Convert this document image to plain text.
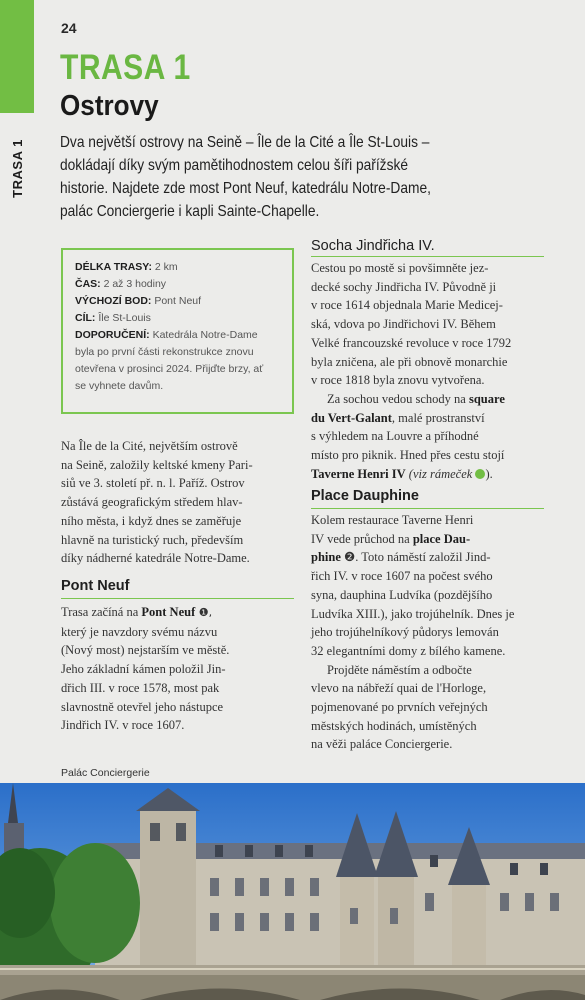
TRASA 1
24
TRASA 1
Ostrovy
Dva největší ostrovy na Seině – Île de la Cité a Île St-Louis – dokládají díky svým pamětihodnostem celou šíři pařížské historie. Najdete zde most Pont Neuf, katedrálu Notre-Dame, palác Conciergerie i kapli Sainte-Chapelle.
DÉLKA TRASY: 2 km
ČAS: 2 až 3 hodiny
VÝCHOZÍ BOD: Pont Neuf
CÍL: Île St-Louis
DOPORUČENÍ: Katedrála Notre-Dame
byla po první části rekonstrukce znovu
otevřena v prosinci 2024. Přijďte brzy, ať
se vyhnete davům.

Na Île de la Cité, největším ostrově

na Seině, založily keltské kmeny Pari-

siů ve 3. století př. n. l. Paříž. Ostrov

zůstává geografickým středem hlav-

ního města, i když dnes se zaměřuje

hlavně na turistický ruch, především

díky nádherné katedrále Notre-Dame.

Pont Neuf

Trasa začíná na Pont Neuf ❶,

který je navzdory svému názvu

(Nový most) nejstarším ve městě.

Jeho základní kámen položil Jin-

dřich III. v roce 1578, most pak

slavnostně otevřel jeho nástupce

Jindřich IV. v roce 1607.

Socha Jindřicha IV.

Cestou po mostě si povšimněte jez-

decké sochy Jindřicha IV. Původně ji

v roce 1614 objednala Marie Medicej-

ská, vdova po Jindřichovi IV. Během

Velké francouzské revoluce v roce 1792

byla zničena, ale při obnově monarchie

v roce 1818 byla znovu vytvořena.

Za sochou vedou schody na square

du Vert-Galant, malé prostranství

s výhledem na Louvre a příhodné

místo pro piknik. Hned přes cestu stojí

Taverne Henri IV (viz rámeček ).

Place Dauphine

Kolem restaurace Taverne Henri

IV vede průchod na place Dau-

phine ❷. Toto náměstí založil Jind-

řich IV. v roce 1607 na počest svého

syna, dauphina Ludvíka (pozdějšího

Ludvíka XIII.), jako trojúhelník. Dnes je

jeho trojúhelníkový půdorys lemován

32 elegantními domy z bílého kamene.

Projděte náměstím a odbočte

vlevo na nábřeží quai de l'Horloge,

pojmenované po prvních veřejných

městských hodinách, umístěných

na věži paláce Conciergerie.

Palác Conciergerie
